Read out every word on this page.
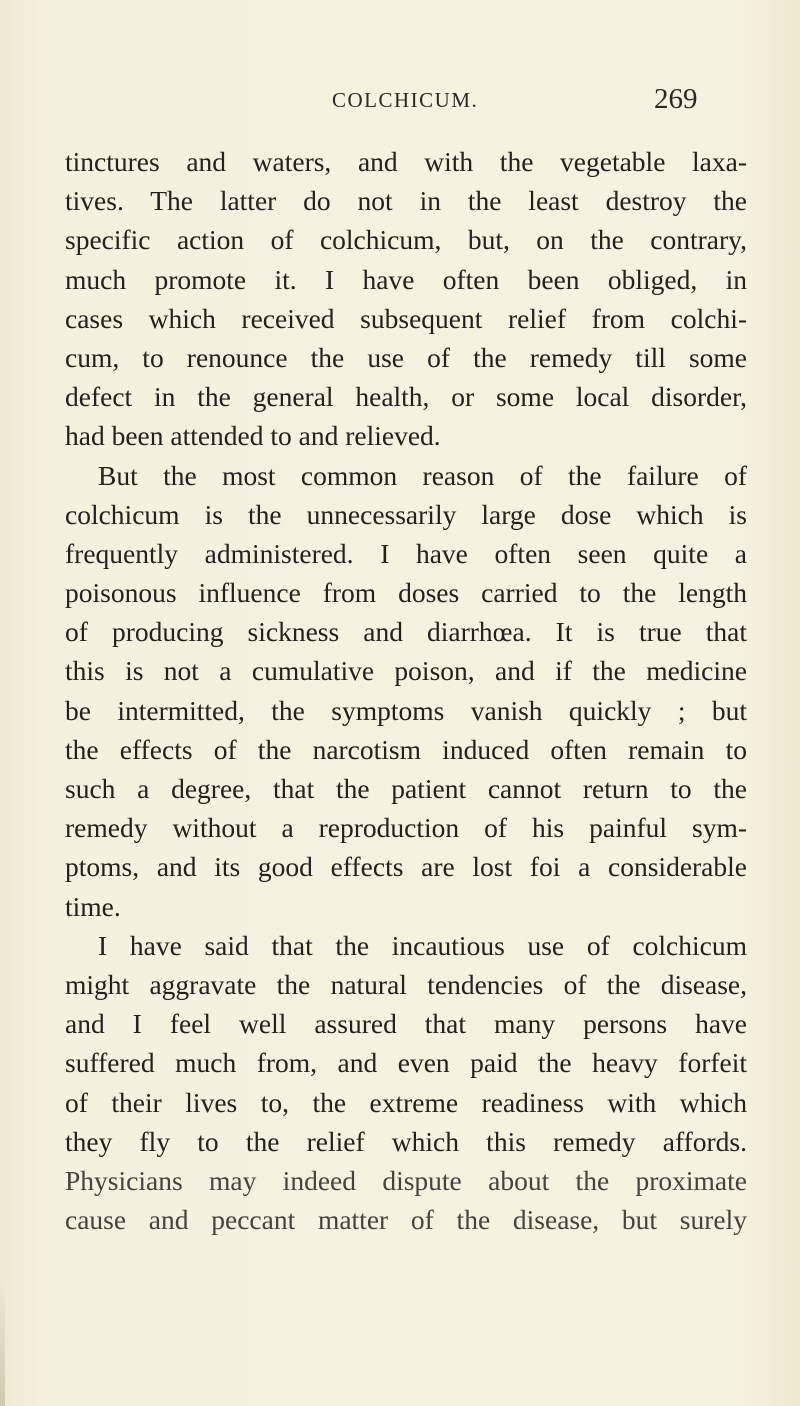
COLCHICUM.	269
tinctures and waters, and with the vegetable laxa-
tives. The latter do not in the least destroy the
specific action of colchicum, but, on the contrary,
much promote it. I have often been obliged, in
cases which received subsequent relief from colchi-
cum, to renounce the use of the remedy till some
defect in the general health, or some local disorder,
had been attended to and relieved.
But the most common reason of the failure of
colchicum is the unnecessarily large dose which is
frequently administered. I have often seen quite a
poisonous influence from doses carried to the length
of producing sickness and diarrhœa. It is true that
this is not a cumulative poison, and if the medicine
be intermitted, the symptoms vanish quickly ; but
the effects of the narcotism induced often remain to
such a degree, that the patient cannot return to the
remedy without a reproduction of his painful sym-
ptoms, and its good effects are lost foi a considerable
time.
I have said that the incautious use of colchicum
might aggravate the natural tendencies of the disease,
and I feel well assured that many persons have
suffered much from, and even paid the heavy forfeit
of their lives to, the extreme readiness with which
they fly to the relief which this remedy affords.
Physicians may indeed dispute about the proximate
cause and peccant matter of the disease, but surely
